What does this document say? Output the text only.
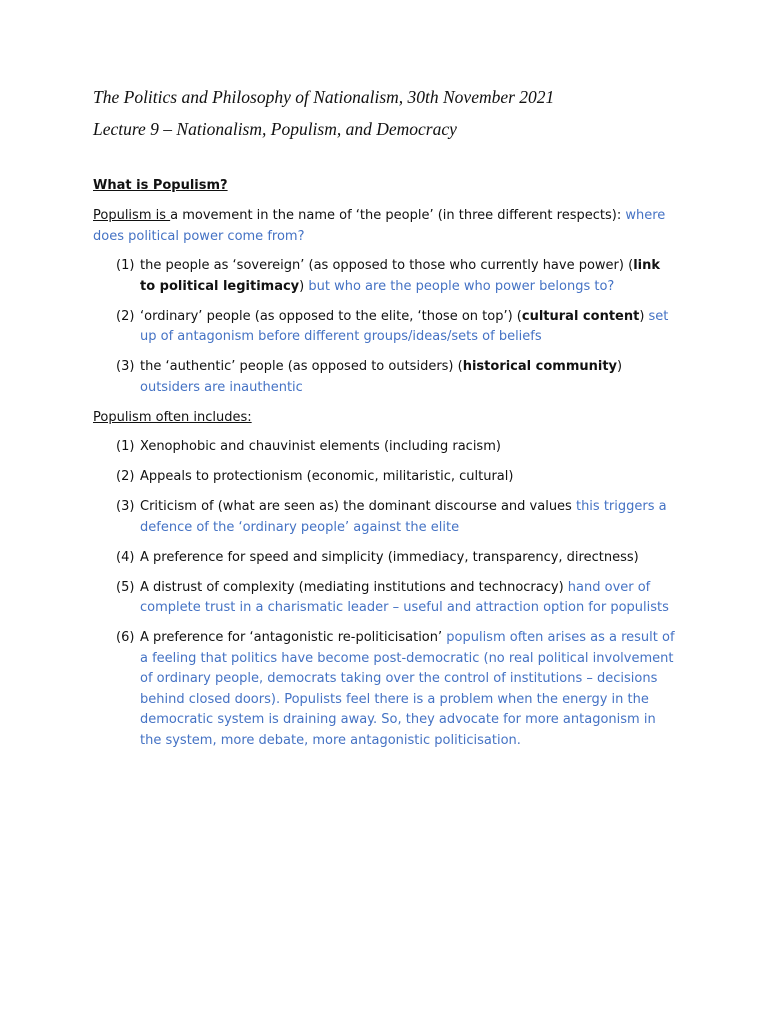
The Politics and Philosophy of Nationalism, 30th November 2021

Lecture 9 – Nationalism, Populism, and Democracy

What is Populism?

Populism is a movement in the name of ‘the people’ (in three different respects): where does political power come from?

(1) the people as ‘sovereign’ (as opposed to those who currently have power) (link to political legitimacy) but who are the people who power belongs to?
(2) ‘ordinary’ people (as opposed to the elite, ‘those on top’) (cultural content) set up of antagonism before different groups/ideas/sets of beliefs
(3) the ‘authentic’ people (as opposed to outsiders) (historical community) outsiders are inauthentic

Populism often includes:

(1) Xenophobic and chauvinist elements (including racism)
(2) Appeals to protectionism (economic, militaristic, cultural)
(3) Criticism of (what are seen as) the dominant discourse and values this triggers a defence of the ‘ordinary people’ against the elite
(4) A preference for speed and simplicity (immediacy, transparency, directness)
(5) A distrust of complexity (mediating institutions and technocracy) hand over of complete trust in a charismatic leader – useful and attraction option for populists
(6) A preference for ‘antagonistic re-politicisation’ populism often arises as a result of a feeling that politics have become post-democratic (no real political involvement of ordinary people, democrats taking over the control of institutions – decisions behind closed doors). Populists feel there is a problem when the energy in the democratic system is draining away. So, they advocate for more antagonism in the system, more debate, more antagonistic politicisation.
